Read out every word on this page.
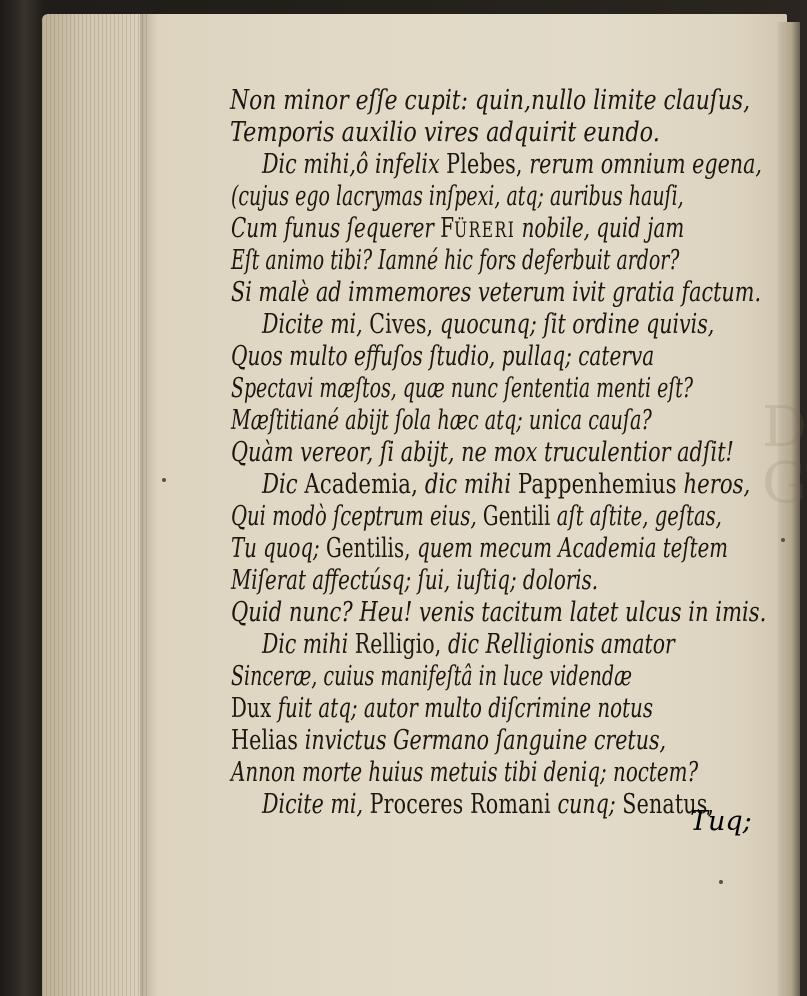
D
G
Non minor eſſe cupit: quin,nullo limite clauſus,
Temporis auxilio vires adquirit eundo.
Dic mihi,ô infelix Plebes, rerum omnium egena,
(cujus ego lacrymas inſpexi, atq; auribus hauſi,
Cum funus ſequerer FÜRERI nobile, quid jam
Eſt animo tibi? Iamné hic fors deferbuit ardor?
Si malè ad immemores veterum ivit gratia factum.
Dicite mi, Cives, quocunq; ſit ordine quivis,
Quos multo effuſos ſtudio, pullaq; caterva
Spectavi mæſtos, quæ nunc ſententia menti eſt?
Mæſtitiané abijt ſola hæc atq; unica cauſa?
Quàm vereor, ſi abijt, ne mox truculentior adſit!
Dic Academia, dic mihi Pappenhemius heros,
Qui modò ſceptrum eius, Gentili aſt aſtite, geſtas,
Tu quoq; Gentilis, quem mecum Academia teſtem
Miſerat affectúsq; ſui, iuſtiq; doloris.
Quid nunc? Heu! venis tacitum latet ulcus in imis.
Dic mihi Relligio, dic Relligionis amator
Sinceræ, cuius manifeſtâ in luce videndæ
Dux fuit atq; autor multo diſcrimine notus
Helias invictus Germano ſanguine cretus,
Annon morte huius metuis tibi deniq; noctem?
Dicite mi, Proceres Romani cunq; Senatus,
Tuq;
